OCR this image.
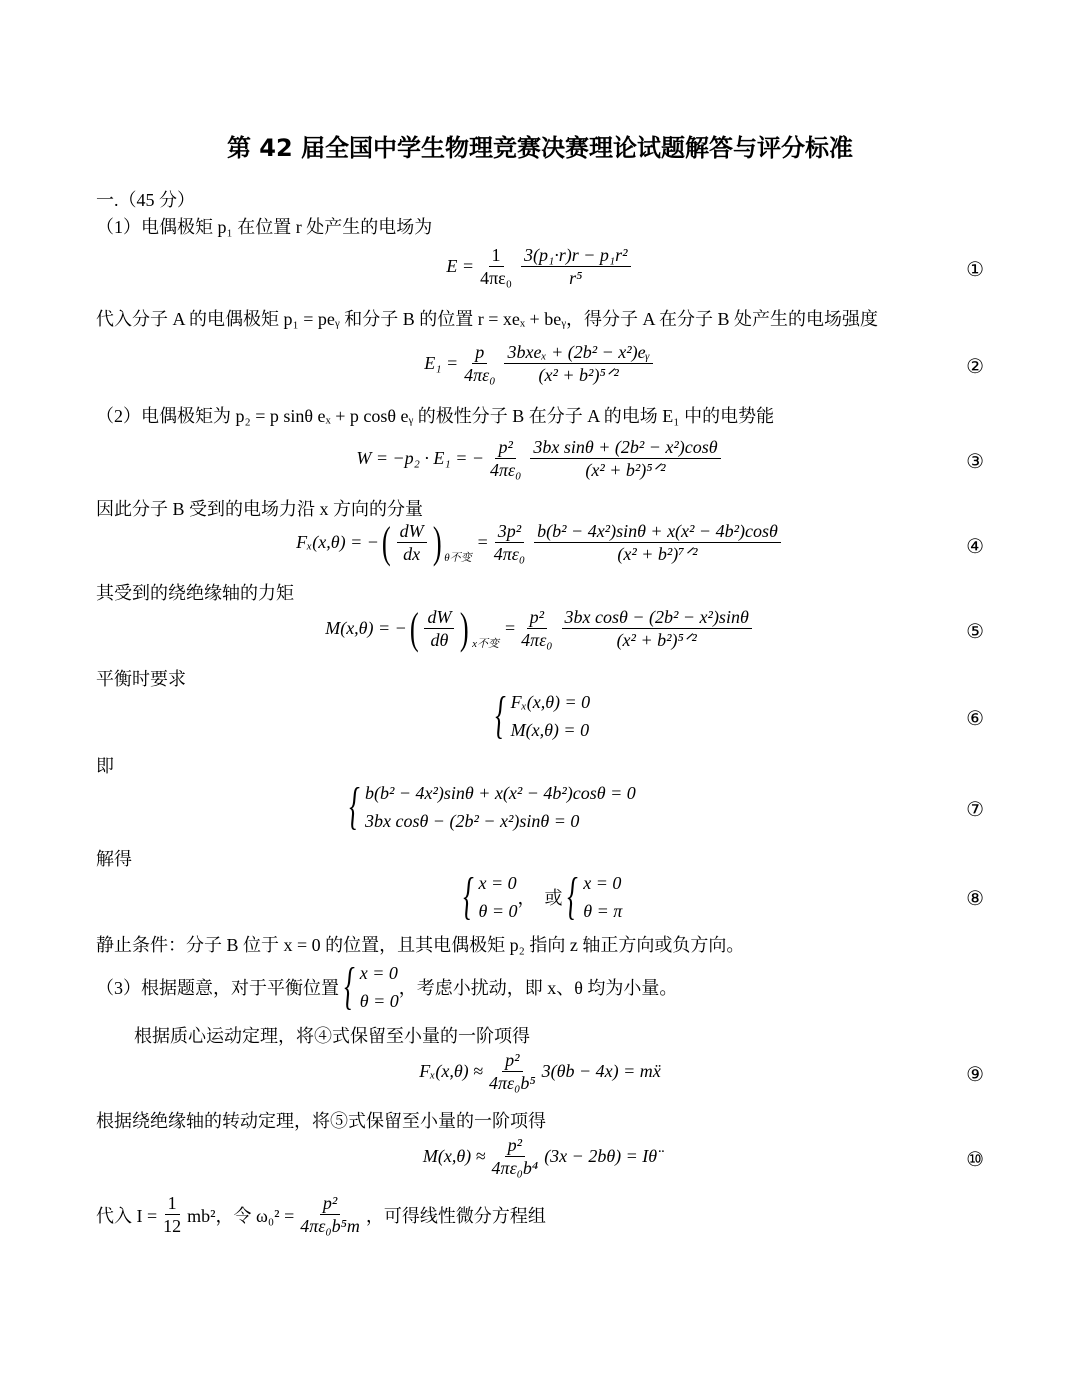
第 42 届全国中学生物理竞赛决赛理论试题解答与评分标准
一.（45 分）
（1）电偶极矩 p₁ 在位置 r 处产生的电场为
$E = \frac{1}{\text{4πε₀}} \frac{\text{3(p₁·r)r − p₁r²}}{\text{r⁵}}$	①
代入分子 A 的电偶极矩 p₁ = peᵧ 和分子 B 的位置 r = xeₓ + beᵧ，得分子 A 在分子 B 处产生的电场强度
$E_1 = \frac{p}{\text{4πε₀}} \frac{\text{3bxeₓ + (2b² − x²)eᵧ}}{\text{(x² + b²)⁵ᐟ²}}$	②
（2）电偶极矩为 p₂ = p sinθ eₓ + p cosθ eᵧ 的极性分子 B 在分子 A 的电场 E₁ 中的电势能
W = −p₂ · E₁ = − $\frac{\text{p²}}{\text{4πε₀}} \frac{\text{3bx sinθ + (2b² − x²)cosθ}}{\text{(x² + b²)⁵ᐟ²}}$	③
因此分子 B 受到的电场力沿 x 方向的分量
Fₓ(x,θ) = − ( $\frac{dW}{dx}$ ) θ不变
= $\frac{\text{3p²}}{\text{4πε₀}} \frac{\text{b(b² − 4x²)sinθ + x(x² − 4b²)cosθ}}{\text{(x² + b²)⁷ᐟ²}}$	④
其受到的绕绝缘轴的力矩
M(x,θ) = − ( $\frac{dW}{d\theta}$ ) x不变
= $\frac{\text{p²}}{\text{4πε₀}} \frac{\text{3bx cosθ − (2b² − x²)sinθ}}{\text{(x² + b²)⁵ᐟ²}}$	⑤
平衡时要求
{ Fₓ(x,θ) = 0
M(x,θ) = 0	⑥
即
{ b(b² − 4x²)sinθ + x(x² − 4b²)cosθ = 0
3bx cosθ − (2b² − x²)sinθ = 0	⑦
解得
{ x = 0
θ = 0
，  或 { x = 0
θ = π
⑧
静止条件：分子 B 位于 x = 0 的位置，且其电偶极矩 p₂ 指向 z 轴正方向或负方向。
（3）根据题意，对于平衡位置 { x = 0
θ = 0
，考虑小扰动，即 x、θ 均为小量。
根据质心运动定理，将④式保留至小量的一阶项得
$F_x(x,\theta) \approx \frac{\text{p²}}{\text{4πε₀b⁵}} 3(\theta b - 4x)$ = mẍ	⑨
根据绕绝缘轴的转动定理，将⑤式保留至小量的一阶项得
$M(x,\theta) \approx \frac{\text{p²}}{\text{4πε₀b⁴}} (3x - 2b\theta)$ = Iθ̈	⑩
代入 $I = \frac{1}{12} mb^2$，令 $\omega_0^2 = \frac{\text{p²}}{\text{4πε₀b⁵m}}$ ，可得线性微分方程组
